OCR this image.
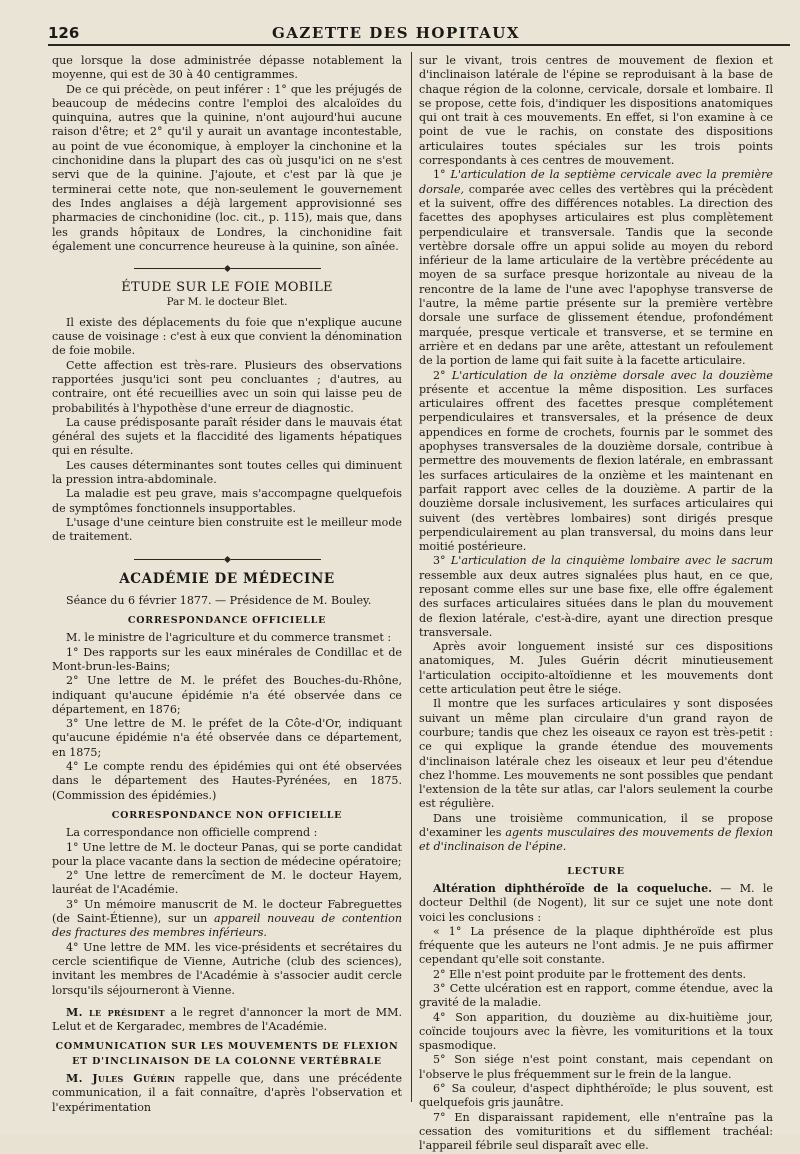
126	GAZETTE DES HOPITAUX

que lorsque la dose administrée dépasse notablement la moyenne, qui est de 30 à 40 centigrammes.

De ce qui précède, on peut inférer : 1° que les préjugés de beaucoup de médecins contre l'emploi des alcaloïdes du quinquina, autres que la quinine, n'ont aujourd'hui aucune raison d'être; et 2° qu'il y aurait un avantage incontestable, au point de vue économique, à employer la cinchonine et la cinchonidine dans la plupart des cas où jusqu'ici on ne s'est servi que de la quinine. J'ajoute, et c'est par là que je terminerai cette note, que non-seulement le gouvernement des Indes anglaises a déjà largement approvisionné ses pharmacies de cinchonidine (loc. cit., p. 115), mais que, dans les grands hôpitaux de Londres, la cinchonidine fait également une concurrence heureuse à la quinine, son aînée.

ÉTUDE SUR LE FOIE MOBILE

Par M. le docteur Blet.

Il existe des déplacements du foie que n'explique aucune cause de voisinage : c'est à eux que convient la dénomination de foie mobile.

Cette affection est très-rare. Plusieurs des observations rapportées jusqu'ici sont peu concluantes ; d'autres, au contraire, ont été recueillies avec un soin qui laisse peu de probabilités à l'hypothèse d'une erreur de diagnostic.

La cause prédisposante paraît résider dans le mauvais état général des sujets et la flaccidité des ligaments hépatiques qui en résulte.

Les causes déterminantes sont toutes celles qui diminuent la pression intra-abdominale.

La maladie est peu grave, mais s'accompagne quelquefois de symptômes fonctionnels insupportables.

L'usage d'une ceinture bien construite est le meilleur mode de traitement.

ACADÉMIE DE MÉDECINE

Séance du 6 février 1877. — Présidence de M. Bouley.

CORRESPONDANCE OFFICIELLE

M. le ministre de l'agriculture et du commerce transmet :

1° Des rapports sur les eaux minérales de Condillac et de Mont-brun-les-Bains;

2° Une lettre de M. le préfet des Bouches-du-Rhône, indiquant qu'aucune épidémie n'a été observée dans ce département, en 1876;

3° Une lettre de M. le préfet de la Côte-d'Or, indiquant qu'aucune épidémie n'a été observée dans ce département, en 1875;

4° Le compte rendu des épidémies qui ont été observées dans le département des Hautes-Pyrénées, en 1875. (Commission des épidémies.)

CORRESPONDANCE NON OFFICIELLE

La correspondance non officielle comprend :

1° Une lettre de M. le docteur Panas, qui se porte candidat pour la place vacante dans la section de médecine opératoire;

2° Une lettre de remercîment de M. le docteur Hayem, lauréat de l'Académie.

3° Un mémoire manuscrit de M. le docteur Fabreguettes (de Saint-Étienne), sur un appareil nouveau de contention des fractures des membres inférieurs.

4° Une lettre de MM. les vice-présidents et secrétaires du cercle scientifique de Vienne, Autriche (club des sciences), invitant les membres de l'Académie à s'associer audit cercle lorsqu'ils séjourneront à Vienne.

M. le président a le regret d'annoncer la mort de MM. Lelut et de Kergaradec, membres de l'Académie.

COMMUNICATION SUR LES MOUVEMENTS DE FLEXION ET D'INCLINAISON DE LA COLONNE VERTÉBRALE

M. Jules Guérin rappelle que, dans une précédente communication, il a fait connaître, d'après l'observation et l'expérimentation

sur le vivant, trois centres de mouvement de flexion et d'inclinaison latérale de l'épine se reproduisant à la base de chaque région de la colonne, cervicale, dorsale et lombaire. Il se propose, cette fois, d'indiquer les dispositions anatomiques qui ont trait à ces mouvements. En effet, si l'on examine à ce point de vue le rachis, on constate des dispositions articulaires toutes spéciales sur les trois points correspondants à ces centres de mouvement.

1° L'articulation de la septième cervicale avec la première dorsale, comparée avec celles des vertèbres qui la précèdent et la suivent, offre des différences notables. La direction des facettes des apophyses articulaires est plus complètement perpendiculaire et transversale. Tandis que la seconde vertèbre dorsale offre un appui solide au moyen du rebord inférieur de la lame articulaire de la vertèbre précédente au moyen de sa surface presque horizontale au niveau de la rencontre de la lame de l'une avec l'apophyse transverse de l'autre, la même partie présente sur la première vertèbre dorsale une surface de glissement étendue, profondément marquée, presque verticale et transverse, et se termine en arrière et en dedans par une arête, attestant un refoulement de la portion de lame qui fait suite à la facette articulaire.

2° L'articulation de la onzième dorsale avec la douzième présente et accentue la même disposition. Les surfaces articulaires offrent des facettes presque complétement perpendiculaires et transversales, et la présence de deux appendices en forme de crochets, fournis par le sommet des apophyses transversales de la douzième dorsale, contribue à permettre des mouvements de flexion latérale, en embrassant les surfaces articulaires de la onzième et les maintenant en parfait rapport avec celles de la douzième. A partir de la douzième dorsale inclusivement, les surfaces articulaires qui suivent (des vertèbres lombaires) sont dirigés presque perpendiculairement au plan transversal, du moins dans leur moitié postérieure.

3° L'articulation de la cinquième lombaire avec le sacrum ressemble aux deux autres signalées plus haut, en ce que, reposant comme elles sur une base fixe, elle offre également des surfaces articulaires situées dans le plan du mouvement de flexion latérale, c'est-à-dire, ayant une direction presque transversale.

Après avoir longuement insisté sur ces dispositions anatomiques, M. Jules Guérin décrit minutieusement l'articulation occipito-altoïdienne et les mouvements dont cette articulation peut être le siége.

Il montre que les surfaces articulaires y sont disposées suivant un même plan circulaire d'un grand rayon de courbure; tandis que chez les oiseaux ce rayon est très-petit : ce qui explique la grande étendue des mouvements d'inclinaison latérale chez les oiseaux et leur peu d'étendue chez l'homme. Les mouvements ne sont possibles que pendant l'extension de la tête sur atlas, car l'alors seulement la courbe est régulière.

Dans une troisième communication, il se propose d'examiner les agents musculaires des mouvements de flexion et d'inclinaison de l'épine.

LECTURE

Altération diphthéroïde de la coqueluche. — M. le docteur Delthil (de Nogent), lit sur ce sujet une note dont voici les conclusions :

« 1° La présence de la plaque diphthéroïde est plus fréquente que les auteurs ne l'ont admis. Je ne puis affirmer cependant qu'elle soit constante.

2° Elle n'est point produite par le frottement des dents.

3° Cette ulcération est en rapport, comme étendue, avec la gravité de la maladie.

4° Son apparition, du douzième au dix-huitième jour, coïncide toujours avec la fièvre, les vomituritions et la toux spasmodique.

5° Son siége n'est point constant, mais cependant on l'observe le plus fréquemment sur le frein de la langue.

6° Sa couleur, d'aspect diphthéroïde; le plus souvent, est quelquefois gris jaunâtre.

7° En disparaissant rapidement, elle n'entraîne pas la cessation des vomituritions et du sifflement trachéal: l'appareil fébrile seul disparaît avec elle.
